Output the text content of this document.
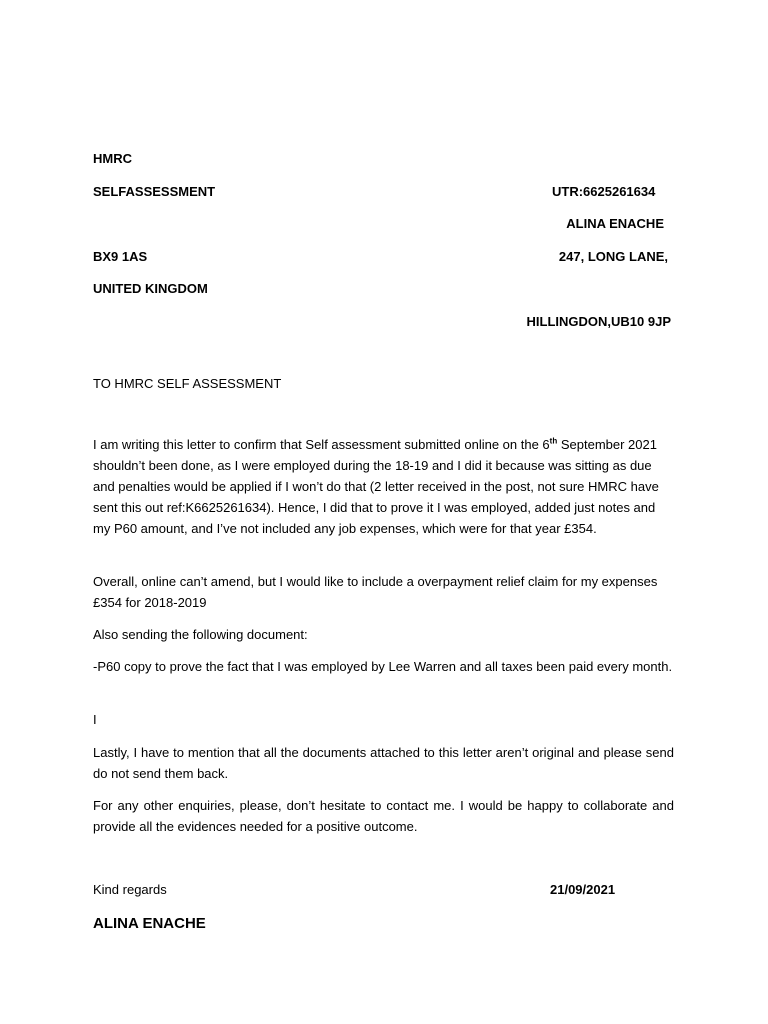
HMRC
SELFASSESSMENT
BX9 1AS
UNITED KINGDOM
UTR:6625261634
ALINA ENACHE
247, LONG LANE,
HILLINGDON,UB10 9JP
TO HMRC SELF ASSESSMENT

I am writing this letter to confirm that Self assessment submitted online on the 6th September 2021 shouldn’t been done, as I were employed during the 18-19 and I did it because was sitting as due and penalties would be applied if I won’t do that (2 letter received in the post, not sure HMRC have sent this out ref:K6625261634). Hence, I did that to prove it I was employed, added just notes and my P60 amount, and I’ve not included any job expenses, which were for that year £354.

Overall, online can’t amend, but I would like to include a overpayment relief claim for my expenses £354 for 2018-2019

Also sending the following document:

-P60 copy to prove the fact that I was employed by Lee Warren and all taxes been paid every month.

I

Lastly, I have to mention that all the documents attached to this letter aren’t original and please send do not send them back.

For any other enquiries, please, don’t hesitate to contact me. I would be happy to collaborate and provide all the evidences needed for a positive outcome.

Kind regards	21/09/2021
ALINA ENACHE
